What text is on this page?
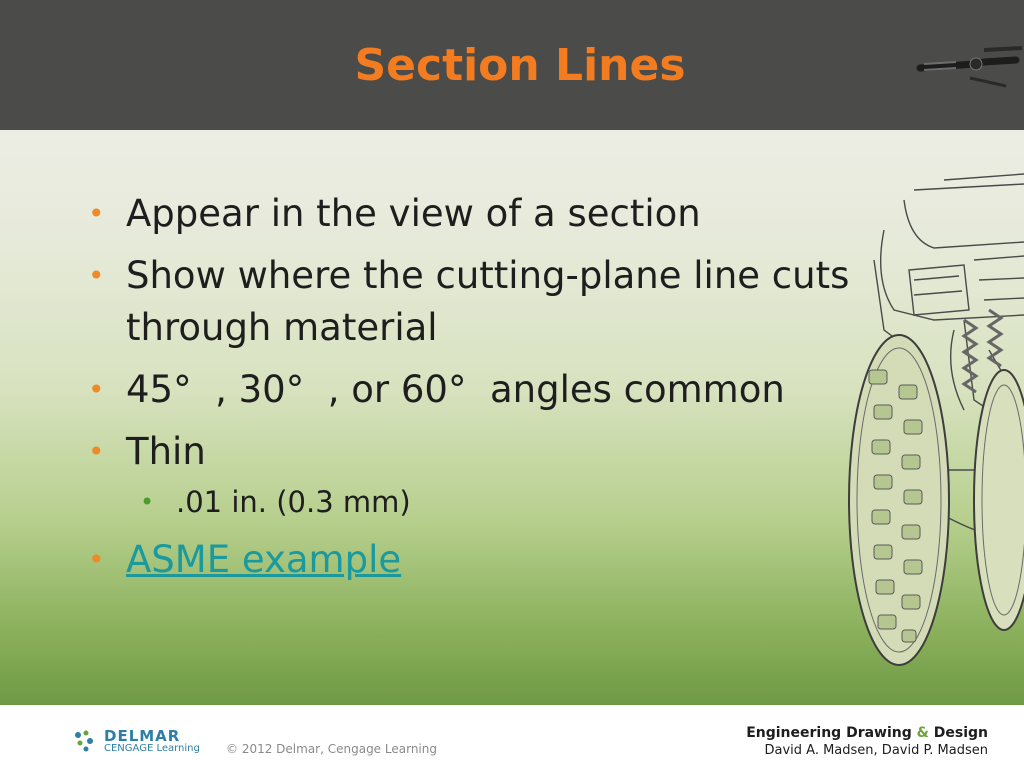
Section Lines
• Appear in the view of a section
• Show where the cutting-plane line cuts through material
• 45°  , 30°  , or 60°  angles common
• Thin
• .01 in. (0.3 mm)
• ASME example
DELMAR
CENGAGE Learning © 2012 Delmar, Cengage Learning
Engineering Drawing & Design
David A. Madsen, David P. Madsen
